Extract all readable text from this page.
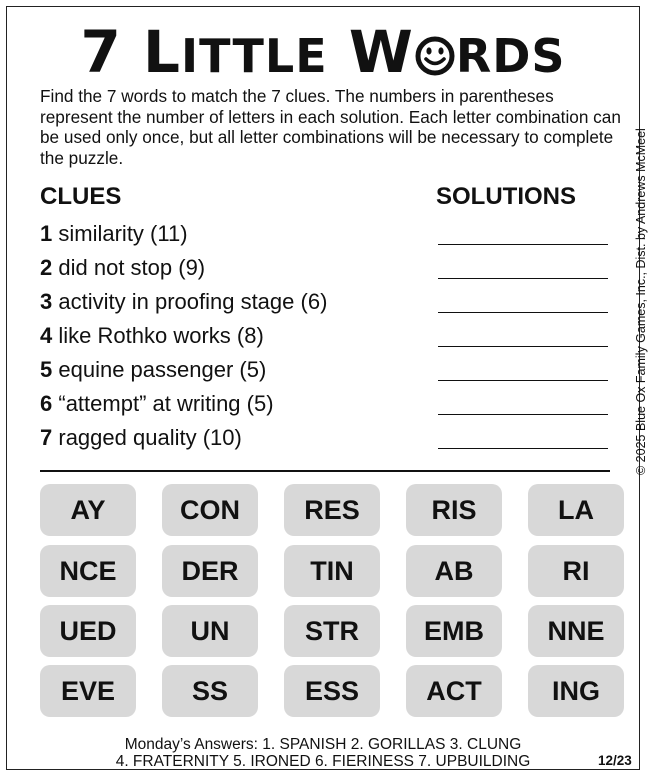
7 LITTLE W RDS
Find the 7 words to match the 7 clues. The numbers in parentheses represent the number of letters in each solution. Each letter combination can be used only once, but all letter combinations will be necessary to complete the puzzle.	© 2025 Blue Ox Family Games, Inc., Dist. by Andrews McMeel
CLUES	SOLUTIONS
1 similarity (11)
2 did not stop (9)
3 activity in proofing stage (6)
4 like Rothko works (8)
5 equine passenger (5)
6 “attempt” at writing (5)
7 ragged quality (10)
AY	CON	RES	RIS	LA
NCE	DER	TIN	AB	RI
UED	UN	STR	EMB	NNE
EVE	SS	ESS	ACT	ING
Monday’s Answers: 1. SPANISH 2. GORILLAS 3. CLUNG
4. FRATERNITY 5. IRONED 6. FIERINESS 7. UPBUILDING	12/23
